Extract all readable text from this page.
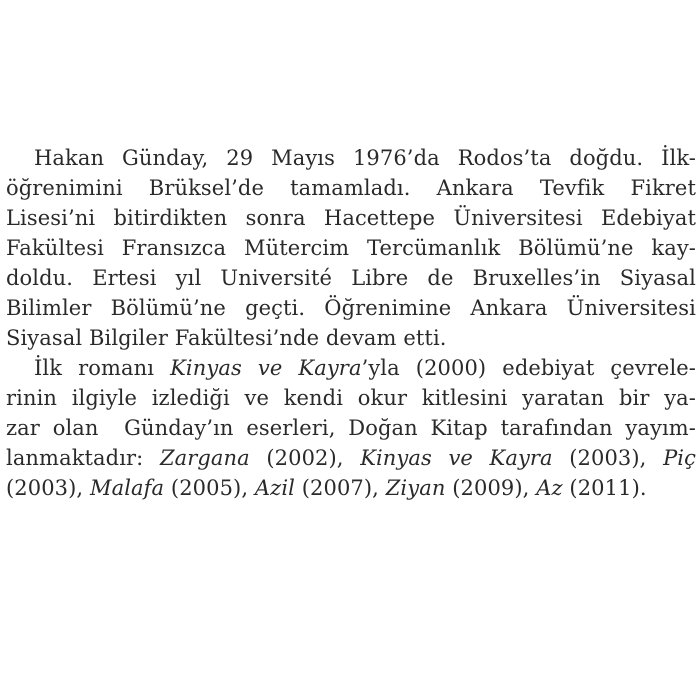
Hakan Günday, 29 Mayıs 1976’da Rodos’ta doğdu. İlk-
öğrenimini Brüksel’de tamamladı. Ankara Tevfik Fikret
Lisesi’ni bitirdikten sonra Hacettepe Üniversitesi Edebiyat
Fakültesi Fransızca Mütercim Tercümanlık Bölümü’ne kay-
doldu. Ertesi yıl Université Libre de Bruxelles’in Siyasal
Bilimler Bölümü’ne geçti. Öğrenimine Ankara Üniversitesi
Siyasal Bilgiler Fakültesi’nde devam etti.
İlk romanı Kinyas ve Kayra’yla (2000) edebiyat çevrele-
rinin ilgiyle izlediği ve kendi okur kitlesini yaratan bir ya-
zar olan  Günday’ın eserleri, Doğan Kitap tarafından yayım-
lanmaktadır: Zargana (2002), Kinyas ve Kayra (2003), Piç
(2003), Malafa (2005), Azil (2007), Ziyan (2009), Az (2011).
